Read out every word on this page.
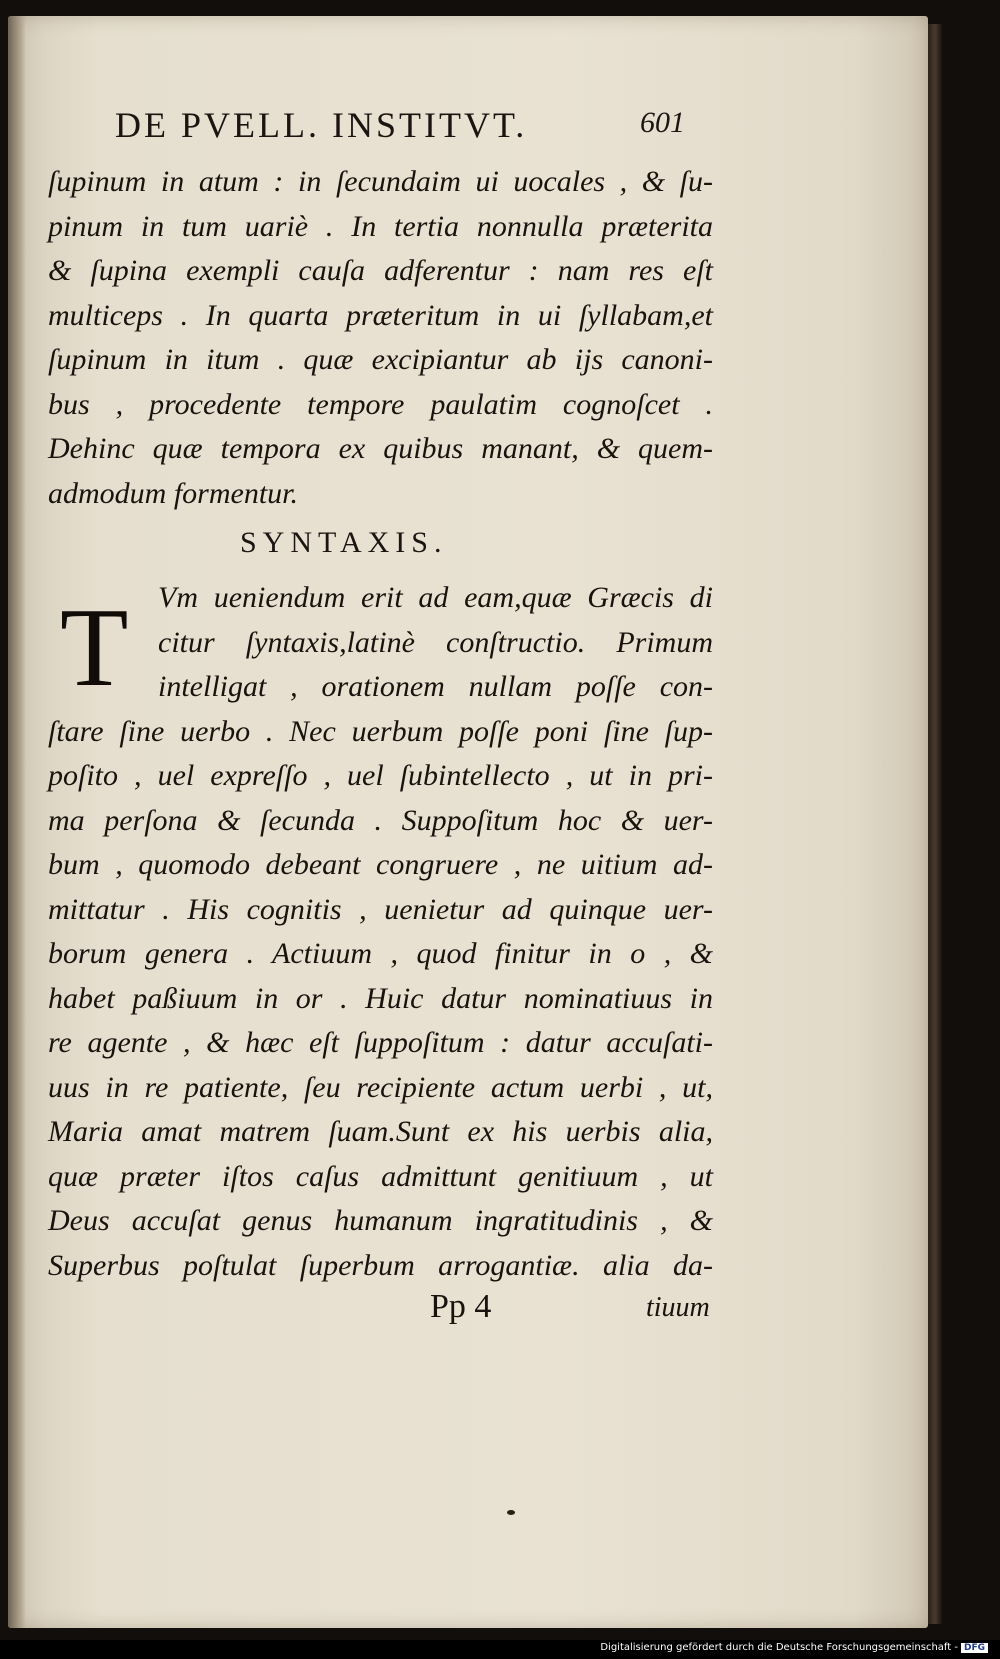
DE PVELL. INSTITVT.	601
ſupinum in atum : in ſecundaim ui uocales , & ſu-
pinum in tum uariè . In tertia nonnulla præterita
& ſupina exempli cauſa adferentur : nam res eſt
multiceps . In quarta præteritum in ui ſyllabam,et
ſupinum in itum . quæ excipiantur ab ijs canoni-
bus , procedente tempore paulatim cognoſcet .
Dehinc quæ tempora ex quibus manant, & quem-
admodum formentur.
SYNTAXIS.
T Vm ueniendum erit ad eam,quæ Græcis di
citur ſyntaxis,latinè conſtructio. Primum
intelligat , orationem nullam poſſe con-
ſtare ſine uerbo . Nec uerbum poſſe poni ſine ſup-
poſito , uel expreſſo , uel ſubintellecto , ut in pri-
ma perſona & ſecunda . Suppoſitum hoc & uer-
bum , quomodo debeant congruere , ne uitium ad-
mittatur . His cognitis , uenietur ad quinque uer-
borum genera . Actiuum , quod finitur in o , &
habet paßiuum in or . Huic datur nominatiuus in
re agente , & hæc eſt ſuppoſitum : datur accuſati-
uus in re patiente, ſeu recipiente actum uerbi , ut,
Maria amat matrem ſuam.Sunt ex his uerbis alia,
quæ præter iſtos caſus admittunt genitiuum , ut
Deus accuſat genus humanum ingratitudinis , &
Superbus poſtulat ſuperbum arrogantiæ. alia da-
Pp 4	tiuum
Digitalisierung gefördert durch die Deutsche Forschungsgemeinschaft - DFG
